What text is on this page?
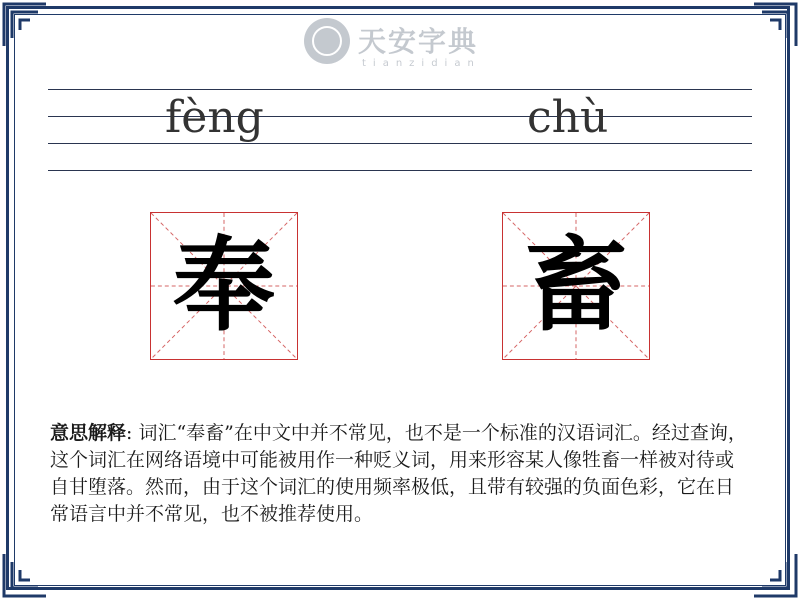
天安字典
tianzidian
fèng	chù
奉 畜
意思解释: 词汇“奉畜”在中文中并不常见，也不是一个标准的汉语词汇。经过查询，这个词汇在网络语境中可能被用作一种贬义词，用来形容某人像牲畜一样被对待或自甘堕落。然而，由于这个词汇的使用频率极低，且带有较强的负面色彩，它在日常语言中并不常见，也不被推荐使用。
